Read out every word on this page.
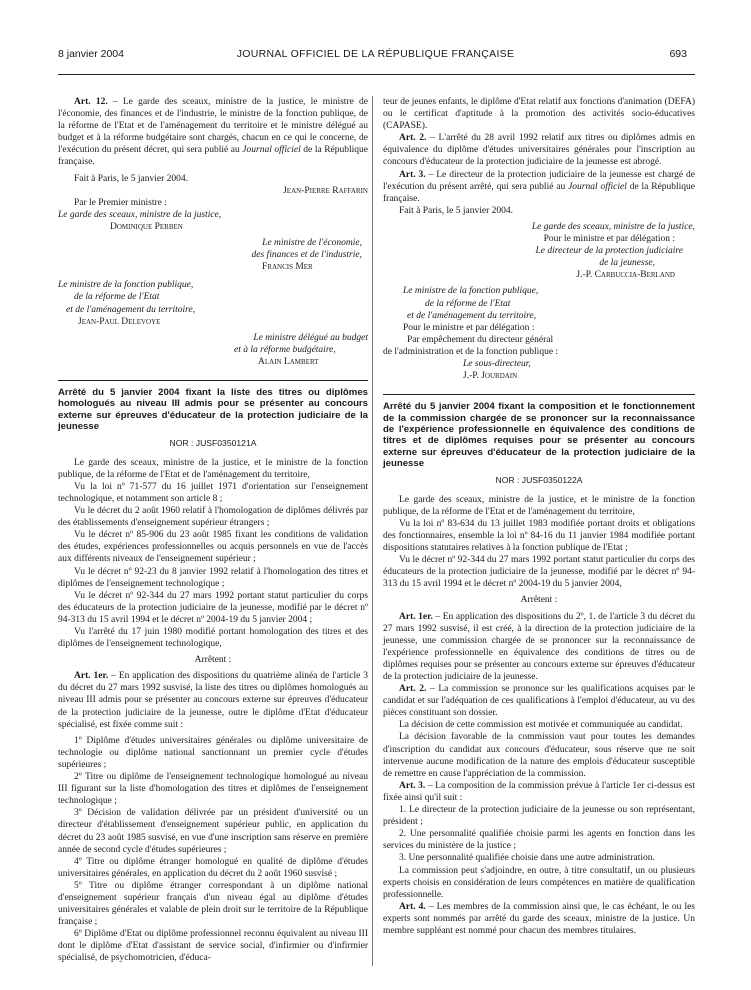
8 janvier 2004	JOURNAL OFFICIEL DE LA RÉPUBLIQUE FRANÇAISE	693

Art. 12. – Le garde des sceaux, ministre de la justice, le ministre de l'économie, des finances et de l'industrie, le ministre de la fonction publique, de la réforme de l'Etat et de l'aménagement du territoire et le ministre délégué au budget et à la réforme budgétaire sont chargés, chacun en ce qui le concerne, de l'exécution du présent décret, qui sera publié au Journal officiel de la République française.

Fait à Paris, le 5 janvier 2004.

Jean-Pierre Raffarin

Par le Premier ministre :

Le garde des sceaux, ministre de la justice,

Dominique Perben

Le ministre de l'économie,

des finances et de l'industrie,

Francis Mer

Le ministre de la fonction publique,

de la réforme de l'Etat

et de l'aménagement du territoire,

Jean-Paul Delevoye

Le ministre délégué au budget

et à la réforme budgétaire,

Alain Lambert

Arrêté du 5 janvier 2004 fixant la liste des titres ou diplômes homologués au niveau III admis pour se présenter au concours externe sur épreuves d'éducateur de la protection judiciaire de la jeunesse

NOR : JUSF0350121A

Le garde des sceaux, ministre de la justice, et le ministre de la fonction publique, de la réforme de l'Etat et de l'aménagement du territoire,

Vu la loi nº 71-577 du 16 juillet 1971 d'orientation sur l'enseignement technologique, et notamment son article 8 ;

Vu le décret du 2 août 1960 relatif à l'homologation de diplômes délivrés par des établissements d'enseignement supérieur étrangers ;

Vu le décret nº 85-906 du 23 août 1985 fixant les conditions de validation des études, expériences professionnelles ou acquis personnels en vue de l'accès aux différents niveaux de l'enseignement supérieur ;

Vu le décret nº 92-23 du 8 janvier 1992 relatif à l'homologation des titres et diplômes de l'enseignement technologique ;

Vu le décret nº 92-344 du 27 mars 1992 portant statut particulier du corps des éducateurs de la protection judiciaire de la jeunesse, modifié par le décret nº 94-313 du 15 avril 1994 et le décret nº 2004-19 du 5 janvier 2004 ;

Vu l'arrêté du 17 juin 1980 modifié portant homologation des titres et des diplômes de l'enseignement technologique,

Arrêtent :

Art. 1er. – En application des dispositions du quatrième alinéa de l'article 3 du décret du 27 mars 1992 susvisé, la liste des titres ou diplômes homologués au niveau III admis pour se présenter au concours externe sur épreuves d'éducateur de la protection judiciaire de la jeunesse, outre le diplôme d'Etat d'éducateur spécialisé, est fixée comme suit :

1º Diplôme d'études universitaires générales ou diplôme universitaire de technologie ou diplôme national sanctionnant un premier cycle d'études supérieures ;

2º Titre ou diplôme de l'enseignement technologique homologué au niveau III figurant sur la liste d'homologation des titres et diplômes de l'enseignement technologique ;

3º Décision de validation délivrée par un président d'université ou un directeur d'établissement d'enseignement supérieur public, en application du décret du 23 août 1985 susvisé, en vue d'une inscription sans réserve en première année de second cycle d'études supérieures ;

4º Titre ou diplôme étranger homologué en qualité de diplôme d'études universitaires générales, en application du décret du 2 août 1960 susvisé ;

5º Titre ou diplôme étranger correspondant à un diplôme national d'enseignement supérieur français d'un niveau égal au diplôme d'études universitaires générales et valable de plein droit sur le territoire de la République française ;

6º Diplôme d'Etat ou diplôme professionnel reconnu équivalent au niveau III dont le diplôme d'Etat d'assistant de service social, d'infirmier ou d'infirmier spécialisé, de psychomotricien, d'éduca-

teur de jeunes enfants, le diplôme d'Etat relatif aux fonctions d'animation (DEFA) ou le certificat d'aptitude à la promotion des activités socio-éducatives (CAPASE).

Art. 2. – L'arrêté du 28 avril 1992 relatif aux titres ou diplômes admis en équivalence du diplôme d'études universitaires générales pour l'inscription au concours d'éducateur de la protection judiciaire de la jeunesse est abrogé.

Art. 3. – Le directeur de la protection judiciaire de la jeunesse est chargé de l'exécution du présent arrêté, qui sera publié au Journal officiel de la République française.

Fait à Paris, le 5 janvier 2004.

Le garde des sceaux, ministre de la justice,

Pour le ministre et par délégation :

Le directeur de la protection judiciaire

de la jeunesse,

J.-P. Carbuccia-Berland

Le ministre de la fonction publique,

de la réforme de l'Etat

et de l'aménagement du territoire,

Pour le ministre et par délégation :

Par empêchement du directeur général

de l'administration et de la fonction publique :

Le sous-directeur,

J.-P. Jourdain

Arrêté du 5 janvier 2004 fixant la composition et le fonctionnement de la commission chargée de se prononcer sur la reconnaissance de l'expérience professionnelle en équivalence des conditions de titres et de diplômes requises pour se présenter au concours externe sur épreuves d'éducateur de la protection judiciaire de la jeunesse

NOR : JUSF0350122A

Le garde des sceaux, ministre de la justice, et le ministre de la fonction publique, de la réforme de l'Etat et de l'aménagement du territoire,

Vu la loi nº 83-634 du 13 juillet 1983 modifiée portant droits et obligations des fonctionnaires, ensemble la loi nº 84-16 du 11 janvier 1984 modifiée portant dispositions statutaires relatives à la fonction publique de l'Etat ;

Vu le décret nº 92-344 du 27 mars 1992 portant statut particulier du corps des éducateurs de la protection judiciaire de la jeunesse, modifié par le décret nº 94-313 du 15 avril 1994 et le décret nº 2004-19 du 5 janvier 2004,

Arrêtent :

Art. 1er. – En application des dispositions du 2º, 1. de l'article 3 du décret du 27 mars 1992 susvisé, il est créé, à la direction de la protection judiciaire de la jeunesse, une commission chargée de se prononcer sur la reconnaissance de l'expérience professionnelle en équivalence des conditions de titres ou de diplômes requises pour se présenter au concours externe sur épreuves d'éducateur de la protection judiciaire de la jeunesse.

Art. 2. – La commission se prononce sur les qualifications acquises par le candidat et sur l'adéquation de ces qualifications à l'emploi d'éducateur, au vu des pièces constituant son dossier.

La décision de cette commission est motivée et communiquée au candidat.

La décision favorable de la commission vaut pour toutes les demandes d'inscription du candidat aux concours d'éducateur, sous réserve que ne soit intervenue aucune modification de la nature des emplois d'éducateur susceptible de remettre en cause l'appréciation de la commission.

Art. 3. – La composition de la commission prévue à l'article 1er ci-dessus est fixée ainsi qu'il suit :

1. Le directeur de la protection judiciaire de la jeunesse ou son représentant, président ;

2. Une personnalité qualifiée choisie parmi les agents en fonction dans les services du ministère de la justice ;

3. Une personnalité qualifiée choisie dans une autre administration.

La commission peut s'adjoindre, en outre, à titre consultatif, un ou plusieurs experts choisis en considération de leurs compétences en matière de qualification professionnelle.

Art. 4. – Les membres de la commission ainsi que, le cas échéant, le ou les experts sont nommés par arrêté du garde des sceaux, ministre de la justice. Un membre suppléant est nommé pour chacun des membres titulaires.
